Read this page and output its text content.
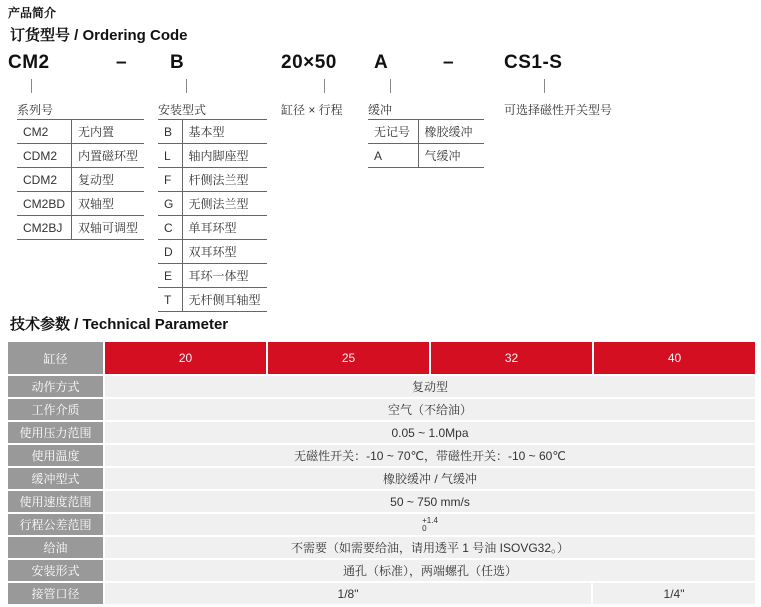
产品简介
订货型号 / Ordering Code
CM2	– B	20×50 A	–	CS1-S
系列号	安装型式	缸径 × 行程 缓冲	可选择磁性开关型号
CM2	无内置
CDM2	内置磁环型
CDM2	复动型
CM2BD	双轴型
CM2BJ	双轴可调型
B	基本型
L	轴内脚座型
F	杆侧法兰型
G	无侧法兰型
C	单耳环型
D	双耳环型
E	耳环一体型
T	无杆侧耳轴型
无记号	橡胶缓冲
A	气缓冲
技术参数 / Technical Parameter
缸径	20	25	32	40
动作方式	复动型
工作介质	空气（不给油）
使用压力范围	0.05 ~ 1.0Mpa
使用温度	无磁性开关：-10 ~ 70℃，带磁性开关：-10 ~ 60℃
缓冲型式	橡胶缓冲 / 气缓冲
使用速度范围	50 ~ 750 mm/s
行程公差范围	+1.4
0
给油	不需要（如需要给油，请用透平 1 号油 ISOVG32。）
安装形式	通孔（标准），两端螺孔（任选）
接管口径	1/8"	1/4"
